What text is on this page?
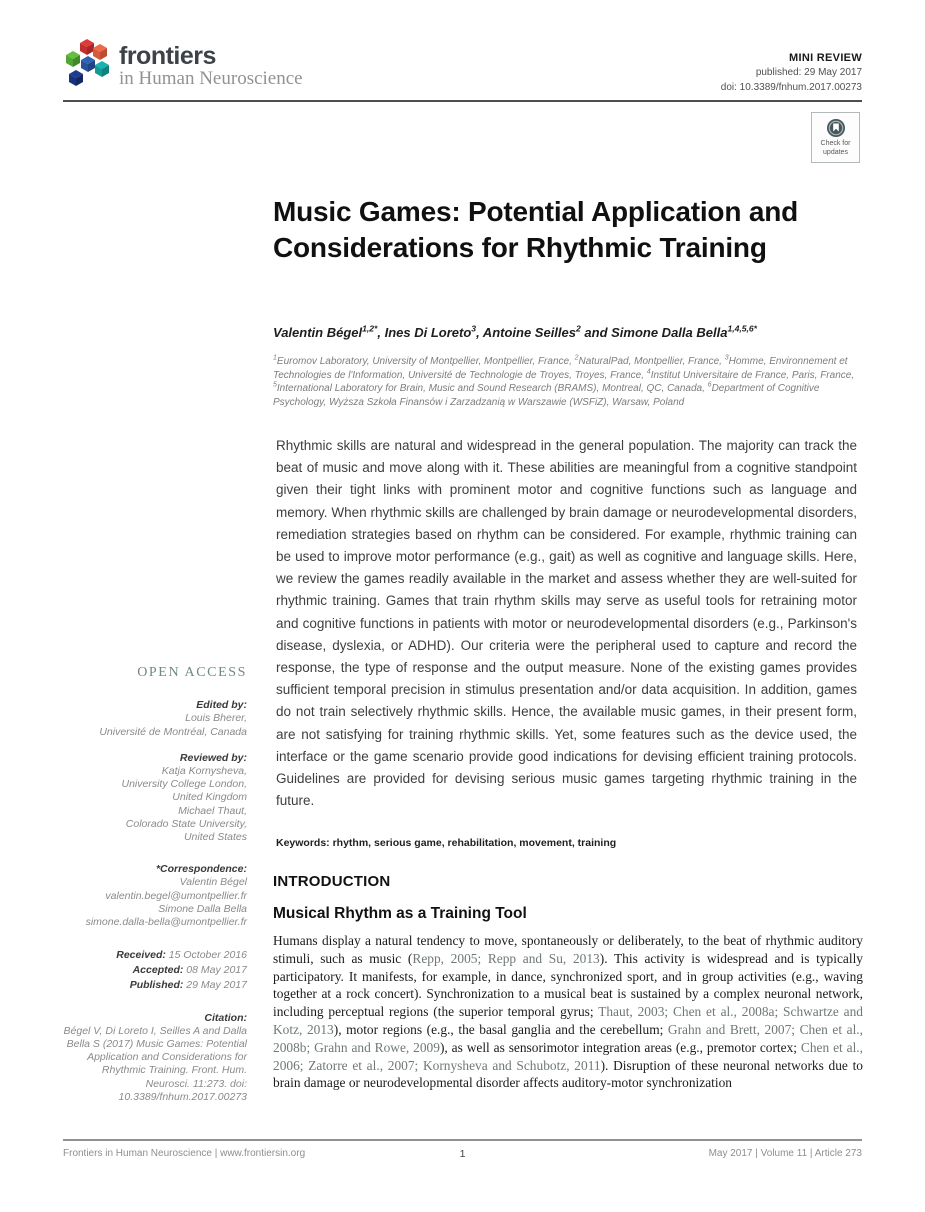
frontiers
in Human Neuroscience
MINI REVIEW
published: 29 May 2017
doi: 10.3389/fnhum.2017.00273
Check for
updates
Music Games: Potential Application and Considerations for Rhythmic Training
Valentin Bégel$^{1,2*}$, Ines Di Loreto$^3$, Antoine Seilles$^2$ and Simone Dalla Bella$^{1,4,5,6*}$
$^1$Euromov Laboratory, University of Montpellier, Montpellier, France, $^2$NaturalPad, Montpellier, France, $^3$Homme, Environnement et Technologies de l'Information, Université de Technologie de Troyes, Troyes, France, $^4$Institut Universitaire de France, Paris, France, $^5$International Laboratory for Brain, Music and Sound Research (BRAMS), Montreal, QC, Canada, $^6$Department of Cognitive Psychology, Wyższa Szkoła Finansów i Zarzadzanią w Warszawie (WSFiZ), Warsaw, Poland
Rhythmic skills are natural and widespread in the general population. The majority can track the beat of music and move along with it. These abilities are meaningful from a cognitive standpoint given their tight links with prominent motor and cognitive functions such as language and memory. When rhythmic skills are challenged by brain damage or neurodevelopmental disorders, remediation strategies based on rhythm can be considered. For example, rhythmic training can be used to improve motor performance (e.g., gait) as well as cognitive and language skills. Here, we review the games readily available in the market and assess whether they are well-suited for rhythmic training. Games that train rhythm skills may serve as useful tools for retraining motor and cognitive functions in patients with motor or neurodevelopmental disorders (e.g., Parkinson's disease, dyslexia, or ADHD). Our criteria were the peripheral used to capture and record the response, the type of response and the output measure. None of the existing games provides sufficient temporal precision in stimulus presentation and/or data acquisition. In addition, games do not train selectively rhythmic skills. Hence, the available music games, in their present form, are not satisfying for training rhythmic skills. Yet, some features such as the device used, the interface or the game scenario provide good indications for devising efficient training protocols. Guidelines are provided for devising serious music games targeting rhythmic training in the future.
Keywords: rhythm, serious game, rehabilitation, movement, training
INTRODUCTION
Musical Rhythm as a Training Tool
Humans display a natural tendency to move, spontaneously or deliberately, to the beat of rhythmic auditory stimuli, such as music (Repp, 2005; Repp and Su, 2013). This activity is widespread and is typically participatory. It manifests, for example, in dance, synchronized sport, and in group activities (e.g., waving together at a rock concert). Synchronization to a musical beat is sustained by a complex neuronal network, including perceptual regions (the superior temporal gyrus; Thaut, 2003; Chen et al., 2008a; Schwartze and Kotz, 2013), motor regions (e.g., the basal ganglia and the cerebellum; Grahn and Brett, 2007; Chen et al., 2008b; Grahn and Rowe, 2009), as well as sensorimotor integration areas (e.g., premotor cortex; Chen et al., 2006; Zatorre et al., 2007; Kornysheva and Schubotz, 2011). Disruption of these neuronal networks due to brain damage or neurodevelopmental disorder affects auditory-motor synchronization
OPEN ACCESS
Edited by:
Louis Bherer,
Université de Montréal, Canada
Reviewed by:
Katja Kornysheva,
University College London,
United Kingdom
Michael Thaut,
Colorado State University,
United States
*Correspondence:
Valentin Bégel
valentin.begel@umontpellier.fr
Simone Dalla Bella
simone.dalla-bella@umontpellier.fr
Received: 15 October 2016
Accepted: 08 May 2017
Published: 29 May 2017
Citation:
Bégel V, Di Loreto I, Seilles A and Dalla Bella S (2017) Music Games: Potential Application and Considerations for Rhythmic Training. Front. Hum. Neurosci. 11:273. doi: 10.3389/fnhum.2017.00273
Frontiers in Human Neuroscience | www.frontiersin.org	1	May 2017 | Volume 11 | Article 273
